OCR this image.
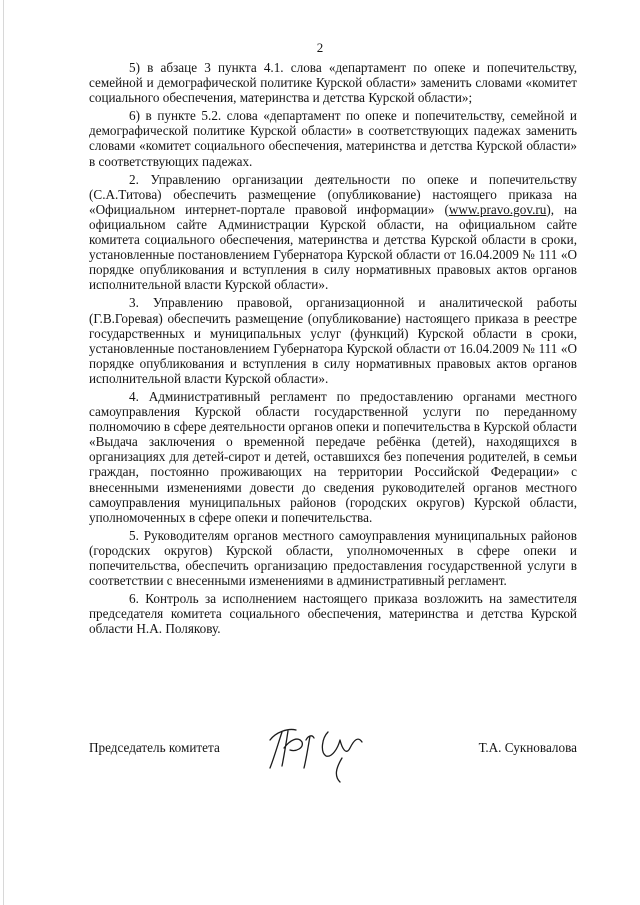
2

5) в абзаце 3 пункта 4.1. слова «департамент по опеке и попечительству, семейной и демографической политике Курской области» заменить словами «комитет социального обеспечения, материнства и детства Курской области»;

6) в пункте 5.2. слова «департамент по опеке и попечительству, семейной и демографической политике Курской области» в соответствующих падежах заменить словами «комитет социального обеспечения, материнства и детства Курской области» в соответствующих падежах.

2. Управлению организации деятельности по опеке и попечительству (С.А.Титова) обеспечить размещение (опубликование) настоящего приказа на «Официальном интернет-портале правовой информации» (www.pravo.gov.ru), на официальном сайте Администрации Курской области, на официальном сайте комитета социального обеспечения, материнства и детства Курской области в сроки, установленные постановлением Губернатора Курской области от 16.04.2009 № 111 «О порядке опубликования и вступления в силу нормативных правовых актов органов исполнительной власти Курской области».

3. Управлению правовой, организационной и аналитической работы (Г.В.Горевая) обеспечить размещение (опубликование) настоящего приказа в реестре государственных и муниципальных услуг (функций) Курской области в сроки, установленные постановлением Губернатора Курской области от 16.04.2009 № 111 «О порядке опубликования и вступления в силу нормативных правовых актов органов исполнительной власти Курской области».

4. Административный регламент по предоставлению органами местного самоуправления Курской области государственной услуги по переданному полномочию в сфере деятельности органов опеки и попечительства в Курской области «Выдача заключения о временной передаче ребёнка (детей), находящихся в организациях для детей-сирот и детей, оставшихся без попечения родителей, в семьи граждан, постоянно проживающих на территории Российской Федерации» с внесенными изменениями довести до сведения руководителей органов местного самоуправления муниципальных районов (городских округов) Курской области, уполномоченных в сфере опеки и попечительства.

5. Руководителям органов местного самоуправления муниципальных районов (городских округов) Курской области, уполномоченных в сфере опеки и попечительства, обеспечить организацию предоставления государственной услуги в соответствии с внесенными изменениями в административный регламент.

6. Контроль за исполнением настоящего приказа возложить на заместителя председателя комитета социального обеспечения, материнства и детства Курской области Н.А. Полякову.

Председатель комитета	Т.А. Сукновалова
